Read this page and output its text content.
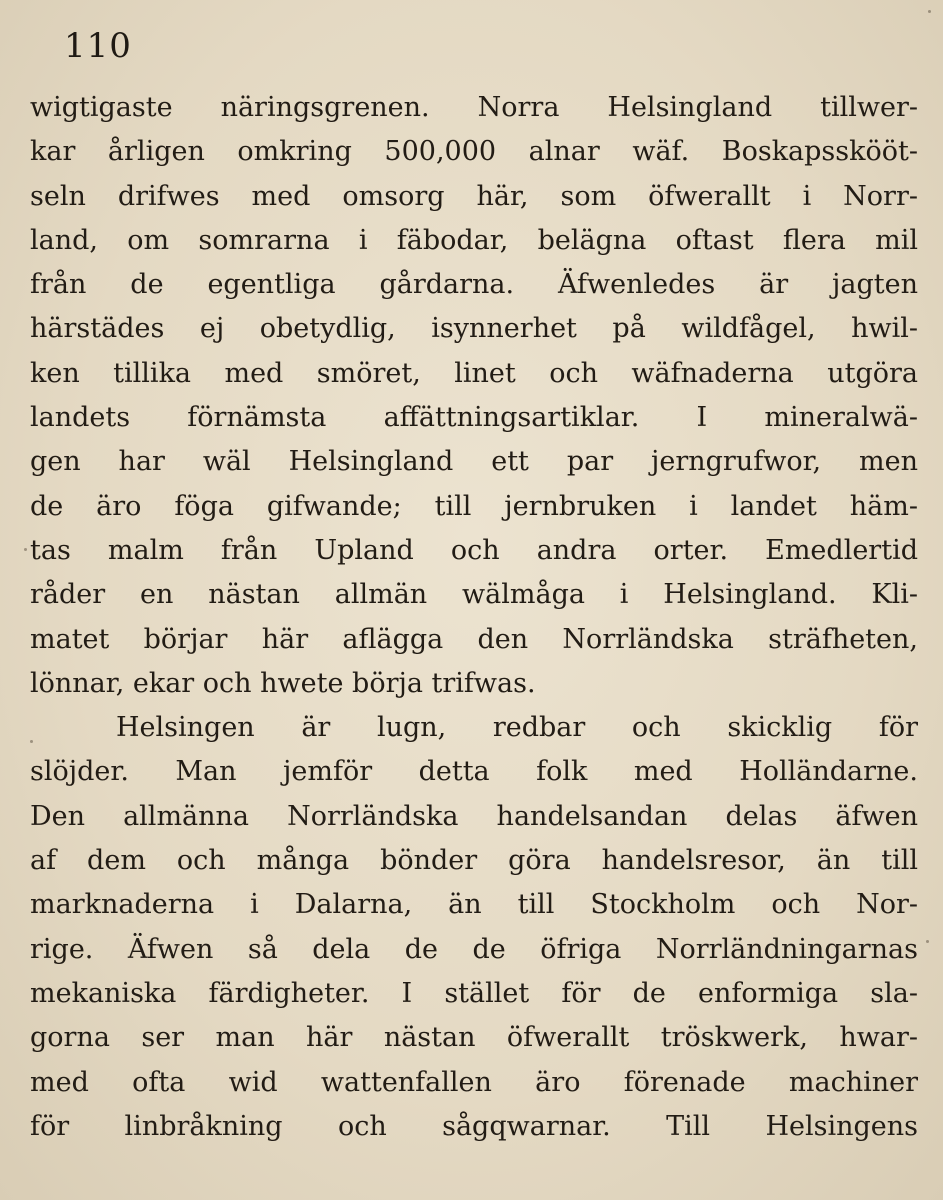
110
wigtigaste näringsgrenen. Norra Helsingland tillwer-
kar årligen omkring 500,000 alnar wäf. Boskapsskööt-
seln drifwes med omsorg här, som öfwerallt i Norr-
land, om somrarna i fäbodar, belägna oftast flera mil
från de egentliga gårdarna. Äfwenledes är jagten
härstädes ej obetydlig, isynnerhet på wildfågel, hwil-
ken tillika med smöret, linet och wäfnaderna utgöra
landets förnämsta affättningsartiklar. I mineralwä-
gen har wäl Helsingland ett par jerngrufwor, men
de äro föga gifwande; till jernbruken i landet häm-
tas malm från Upland och andra orter. Emedlertid
råder en nästan allmän wälmåga i Helsingland. Kli-
matet börjar här aflägga den Norrländska sträfheten,
lönnar, ekar och hwete börja trifwas.
Helsingen är lugn, redbar och skicklig för
slöjder. Man jemför detta folk med Holländarne.
Den allmänna Norrländska handelsandan delas äfwen
af dem och många bönder göra handelsresor, än till
marknaderna i Dalarna, än till Stockholm och Nor-
rige. Äfwen så dela de de öfriga Norrländningarnas
mekaniska färdigheter. I stället för de enformiga sla-
gorna ser man här nästan öfwerallt tröskwerk, hwar-
med ofta wid wattenfallen äro förenade machiner
för linbråkning och sågqwarnar. Till Helsingens
